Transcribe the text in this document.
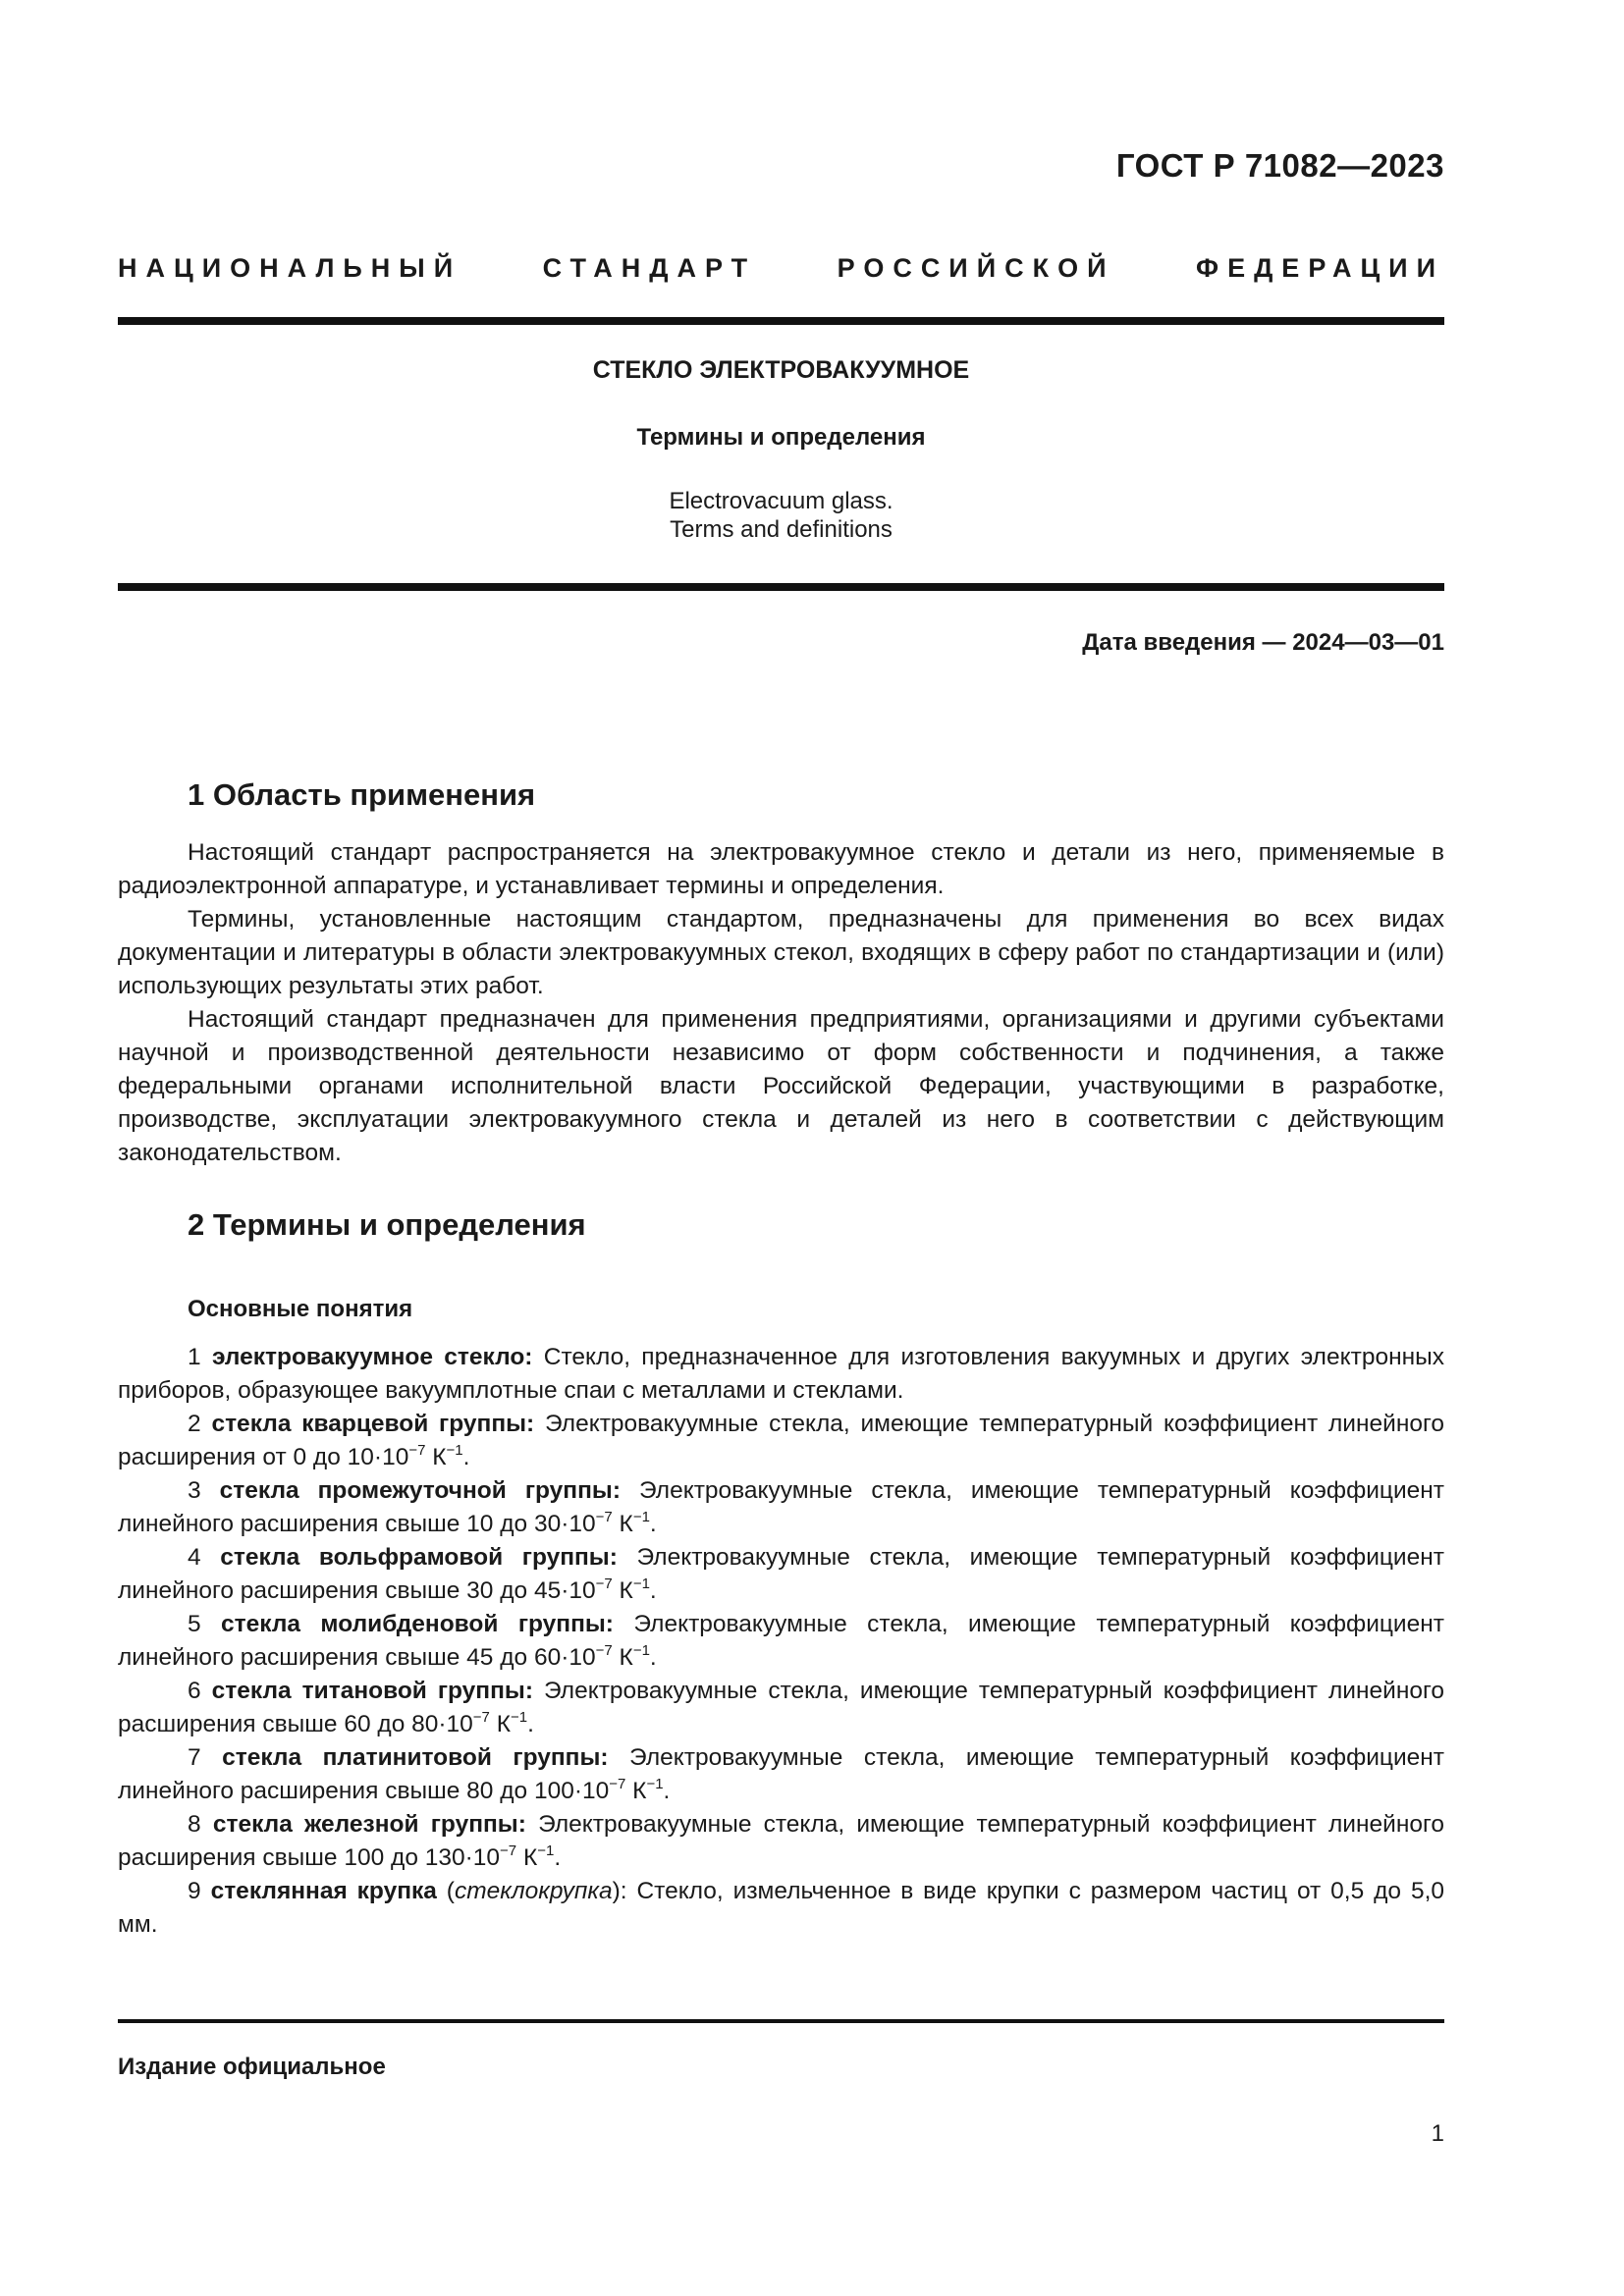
ГОСТ Р 71082—2023
НАЦИОНАЛЬНЫЙ СТАНДАРТ РОССИЙСКОЙ ФЕДЕРАЦИИ
СТЕКЛО ЭЛЕКТРОВАКУУМНОЕ
Термины и определения
Electrovacuum glass.
Terms and definitions
Дата введения — 2024—03—01
1 Область применения

Настоящий стандарт распространяется на электровакуумное стекло и детали из него, применяемые в радиоэлектронной аппаратуре, и устанавливает термины и определения.

Термины, установленные настоящим стандартом, предназначены для применения во всех видах документации и литературы в области электровакуумных стекол, входящих в сферу работ по стандартизации и (или) использующих результаты этих работ.

Настоящий стандарт предназначен для применения предприятиями, организациями и другими субъектами научной и производственной деятельности независимо от форм собственности и подчинения, а также федеральными органами исполнительной власти Российской Федерации, участвующими в разработке, производстве, эксплуатации электровакуумного стекла и деталей из него в соответствии с действующим законодательством.

2 Термины и определения
Основные понятия

1 электровакуумное стекло: Стекло, предназначенное для изготовления вакуумных и других электронных приборов, образующее вакуумплотные спаи с металлами и стеклами.

2 стекла кварцевой группы: Электровакуумные стекла, имеющие температурный коэффициент линейного расширения от 0 до $10\cdot 10^{-7}$ $К^{-1}$.

3 стекла промежуточной группы: Электровакуумные стекла, имеющие температурный коэффициент линейного расширения свыше 10 до $30\cdot 10^{-7}$ $К^{-1}$.

4 стекла вольфрамовой группы: Электровакуумные стекла, имеющие температурный коэффициент линейного расширения свыше 30 до $45\cdot 10^{-7}$ $К^{-1}$.

5 стекла молибденовой группы: Электровакуумные стекла, имеющие температурный коэффициент линейного расширения свыше 45 до $60\cdot 10^{-7}$ $К^{-1}$.

6 стекла титановой группы: Электровакуумные стекла, имеющие температурный коэффициент линейного расширения свыше 60 до $80\cdot 10^{-7}$ $К^{-1}$.

7 стекла платинитовой группы: Электровакуумные стекла, имеющие температурный коэффициент линейного расширения свыше 80 до $100\cdot 10^{-7}$ $К^{-1}$.

8 стекла железной группы: Электровакуумные стекла, имеющие температурный коэффициент линейного расширения свыше 100 до $130\cdot 10^{-7}$ $К^{-1}$.

9 стеклянная крупка (стеклокрупка): Стекло, измельченное в виде крупки с размером частиц от 0,5 до 5,0 мм.

Издание официальное
1
